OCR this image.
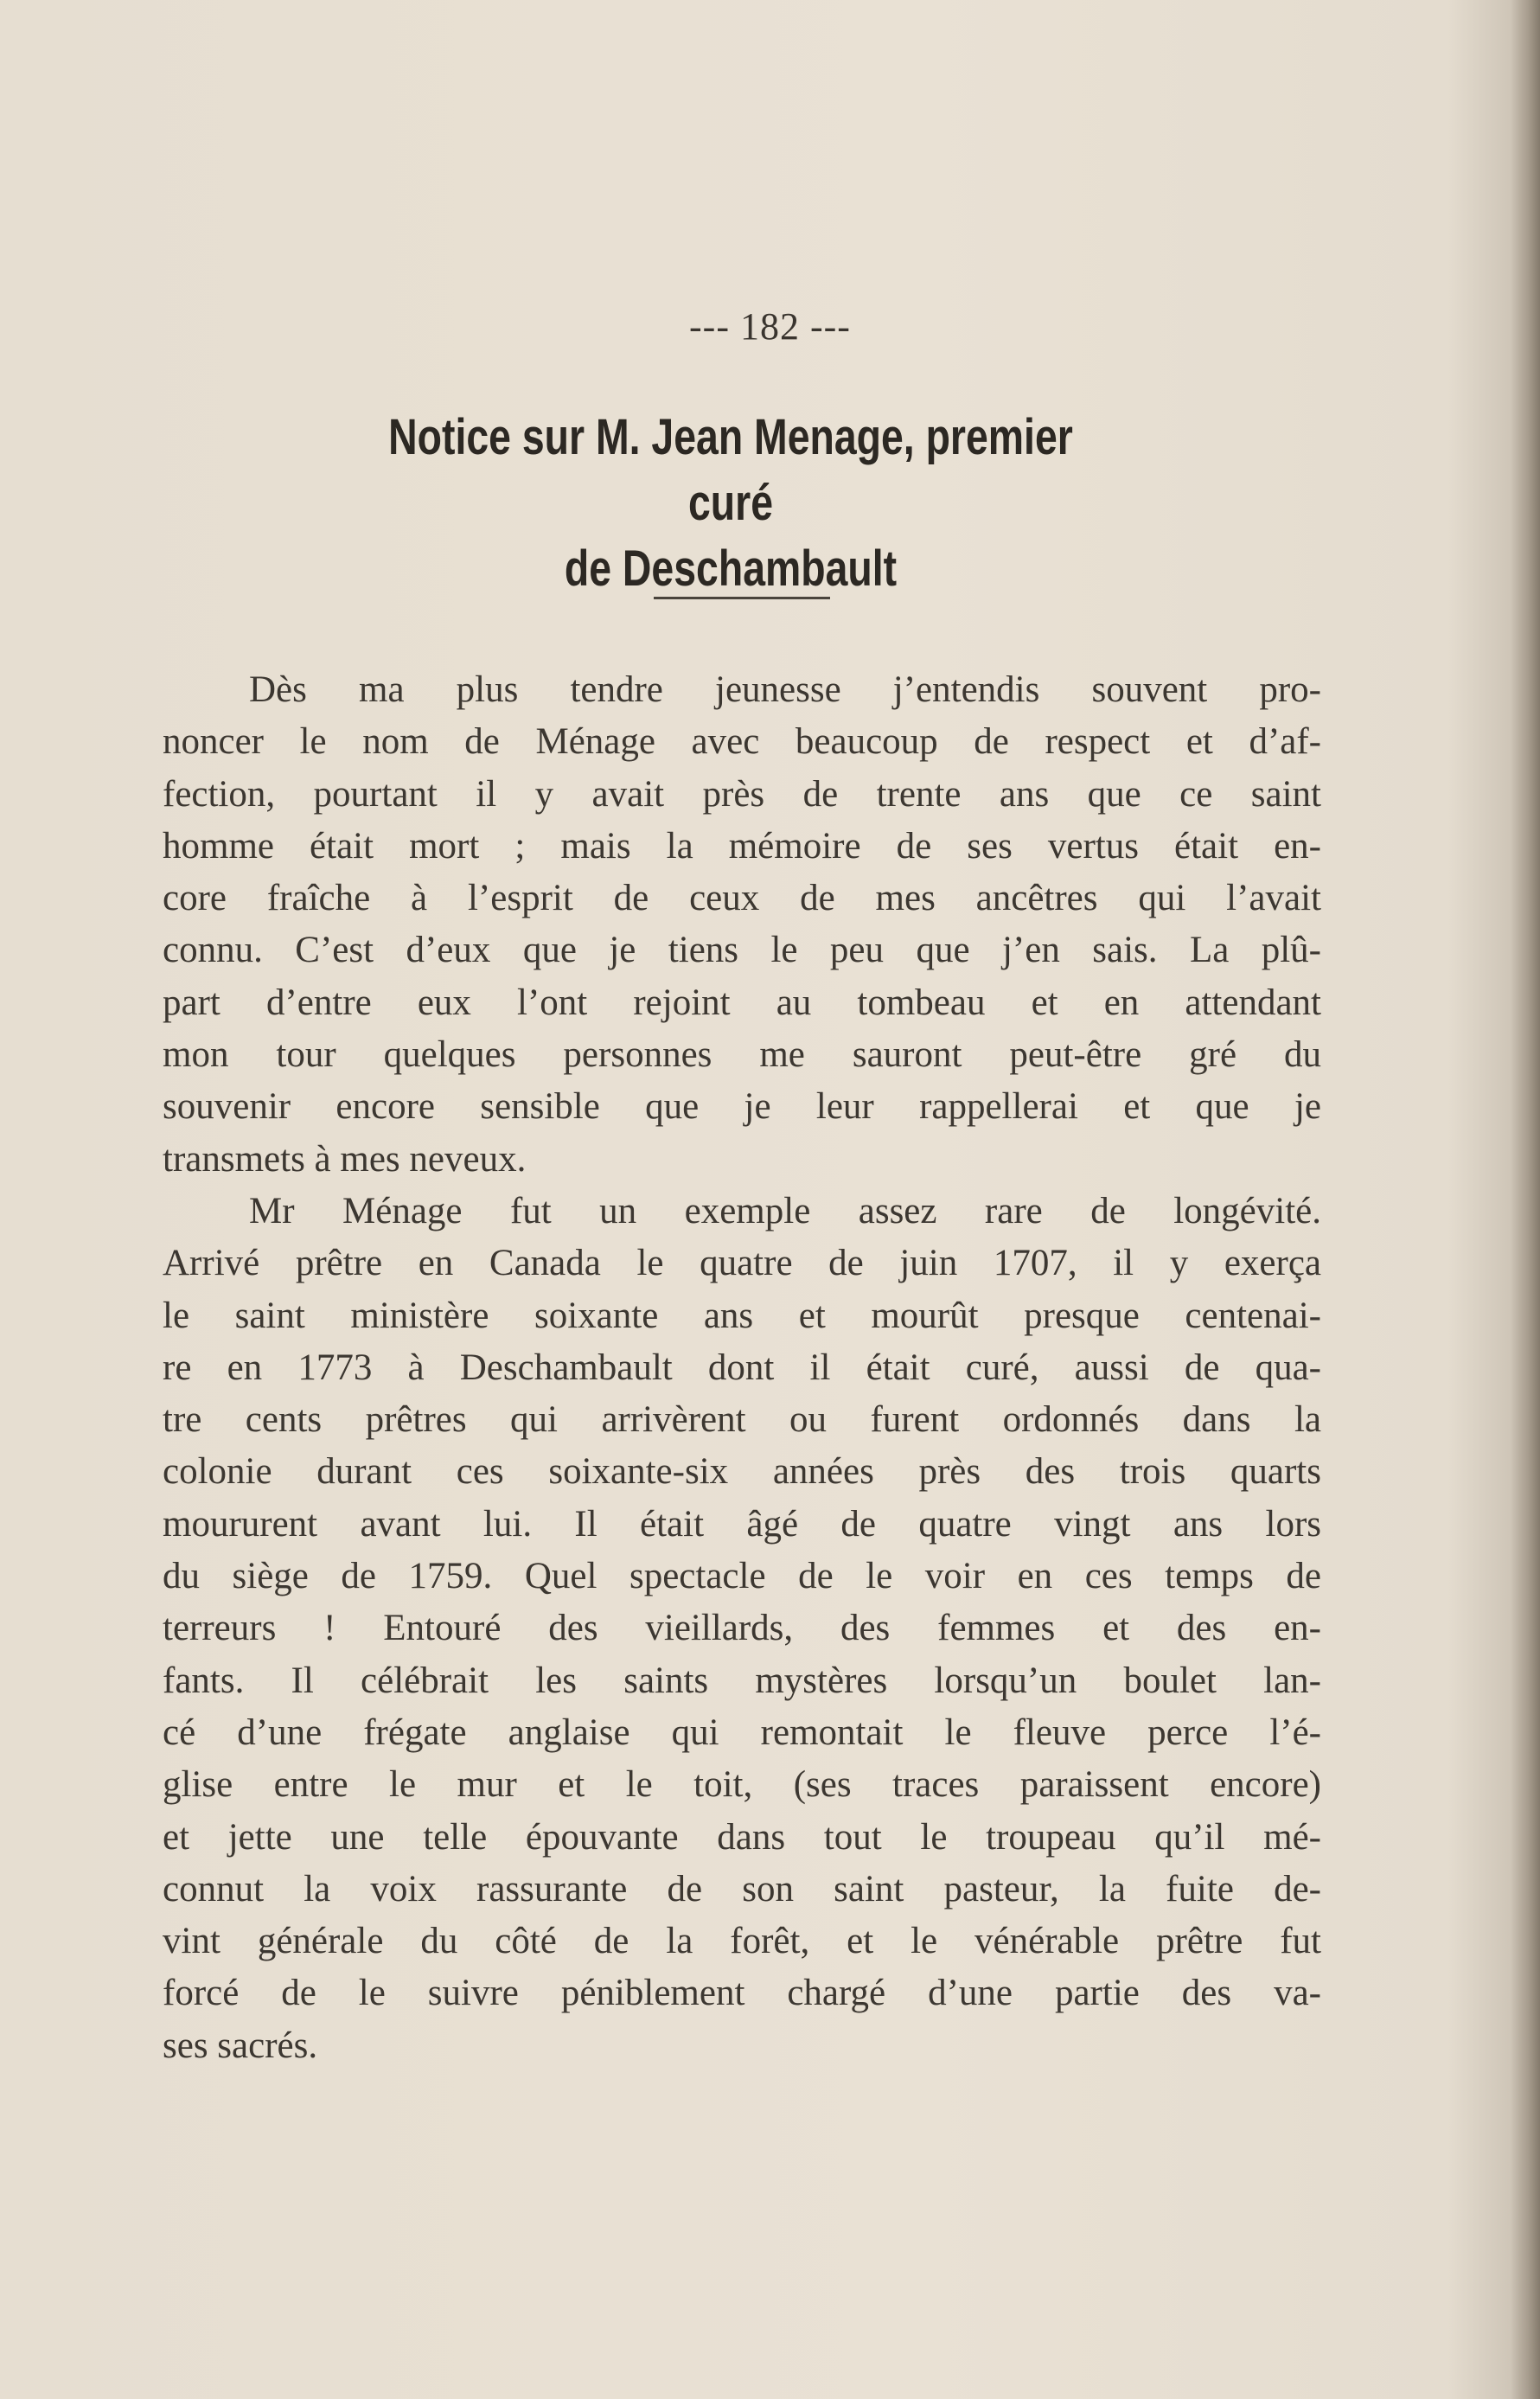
--- 182 ---
Notice sur M. Jean Menage, premier curé
de Deschambault
Dès ma plus tendre jeunesse j’entendis souvent pro-
noncer le nom de Ménage avec beaucoup de respect et d’af-
fection, pourtant il y avait près de trente ans que ce saint
homme était mort ; mais la mémoire de ses vertus était en-
core fraîche à l’esprit de ceux de mes ancêtres qui l’avait
connu. C’est d’eux que je tiens le peu que j’en sais. La plû-
part d’entre eux l’ont rejoint au tombeau et en attendant
mon tour quelques personnes me sauront peut-être gré du
souvenir encore sensible que je leur rappellerai et que je
transmets à mes neveux.
Mr Ménage fut un exemple assez rare de longévité.
Arrivé prêtre en Canada le quatre de juin 1707, il y exerça
le saint ministère soixante ans et mourût presque centenai-
re en 1773 à Deschambault dont il était curé, aussi de qua-
tre cents prêtres qui arrivèrent ou furent ordonnés dans la
colonie durant ces soixante-six années près des trois quarts
moururent avant lui. Il était âgé de quatre vingt ans lors
du siège de 1759. Quel spectacle de le voir en ces temps de
terreurs ! Entouré des vieillards, des femmes et des en-
fants. Il célébrait les saints mystères lorsqu’un boulet lan-
cé d’une frégate anglaise qui remontait le fleuve perce l’é-
glise entre le mur et le toit, (ses traces paraissent encore)
et jette une telle épouvante dans tout le troupeau qu’il mé-
connut la voix rassurante de son saint pasteur, la fuite de-
vint générale du côté de la forêt, et le vénérable prêtre fut
forcé de le suivre péniblement chargé d’une partie des va-
ses sacrés.
